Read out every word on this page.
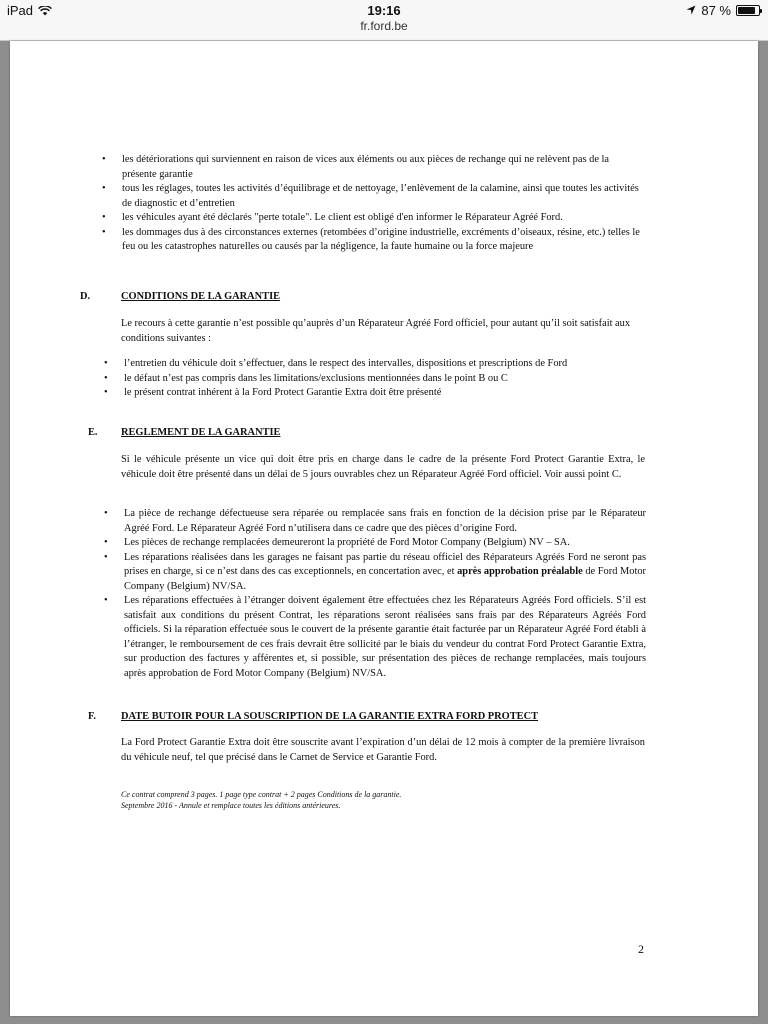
iPad	19:16	87 %
fr.ford.be
•	les détériorations qui surviennent en raison de vices aux éléments ou aux pièces de rechange qui ne relèvent pas de la présente garantie
•	tous les réglages, toutes les activités d’équilibrage et de nettoyage, l’enlèvement de la calamine, ainsi que toutes les activités de diagnostic et d’entretien
•	les véhicules ayant été déclarés "perte totale". Le client est obligé d'en informer le Réparateur Agréé Ford.
•	les dommages dus à des circonstances externes (retombées d’origine industrielle, excréments d’oiseaux, résine, etc.) telles le feu ou les catastrophes naturelles ou causés par la négligence, la faute humaine ou la force majeure
D.	CONDITIONS DE LA GARANTIE
Le recours à cette garantie n’est possible qu’auprès d’un Réparateur Agréé Ford officiel, pour autant qu’il soit satisfait aux conditions suivantes :
•	l’entretien du véhicule doit s’effectuer, dans le respect des intervalles, dispositions et prescriptions de Ford
•	le défaut n’est pas compris dans les limitations/exclusions mentionnées dans le point B ou C
•	le présent contrat inhérent à la Ford Protect Garantie Extra doit être présenté
E. REGLEMENT DE LA GARANTIE
Si le véhicule présente un vice qui doit être pris en charge dans le cadre de la présente Ford Protect Garantie Extra, le véhicule doit être présenté dans un délai de 5 jours ouvrables chez un Réparateur Agréé Ford officiel. Voir aussi point C.
•	La pièce de rechange défectueuse sera réparée ou remplacée sans frais en fonction de la décision prise par le Réparateur Agréé Ford. Le Réparateur Agréé Ford n’utilisera dans ce cadre que des pièces d’origine Ford.
•	Les pièces de rechange remplacées demeureront la propriété de Ford Motor Company (Belgium) NV – SA.
•	Les réparations réalisées dans les garages ne faisant pas partie du réseau officiel des Réparateurs Agréés Ford ne seront pas prises en charge, si ce n’est dans des cas exceptionnels, en concertation avec, et après approbation préalable de Ford Motor Company (Belgium) NV/SA.
•	Les réparations effectuées à l’étranger doivent également être effectuées chez les Réparateurs Agréés Ford officiels. S’il est satisfait aux conditions du présent Contrat, les réparations seront réalisées sans frais par des Réparateurs Agréés Ford officiels. Si la réparation effectuée sous le couvert de la présente garantie était facturée par un Réparateur Agréé Ford établi à l’étranger, le remboursement de ces frais devrait être sollicité par le biais du vendeur du contrat Ford Protect Garantie Extra, sur production des factures y afférentes et, si possible, sur présentation des pièces de rechange remplacées, mais toujours après approbation de Ford Motor Company (Belgium) NV/SA.
F. DATE BUTOIR POUR LA SOUSCRIPTION DE LA GARANTIE EXTRA FORD PROTECT
La Ford Protect Garantie Extra doit être souscrite avant l’expiration d’un délai de 12 mois à compter de la première livraison du véhicule neuf, tel que précisé dans le Carnet de Service et Garantie Ford.
Ce contrat comprend 3 pages. 1 page type contrat + 2 pages Conditions de la garantie.
Septembre 2016 - Annule et remplace toutes les éditions antérieures.
2
